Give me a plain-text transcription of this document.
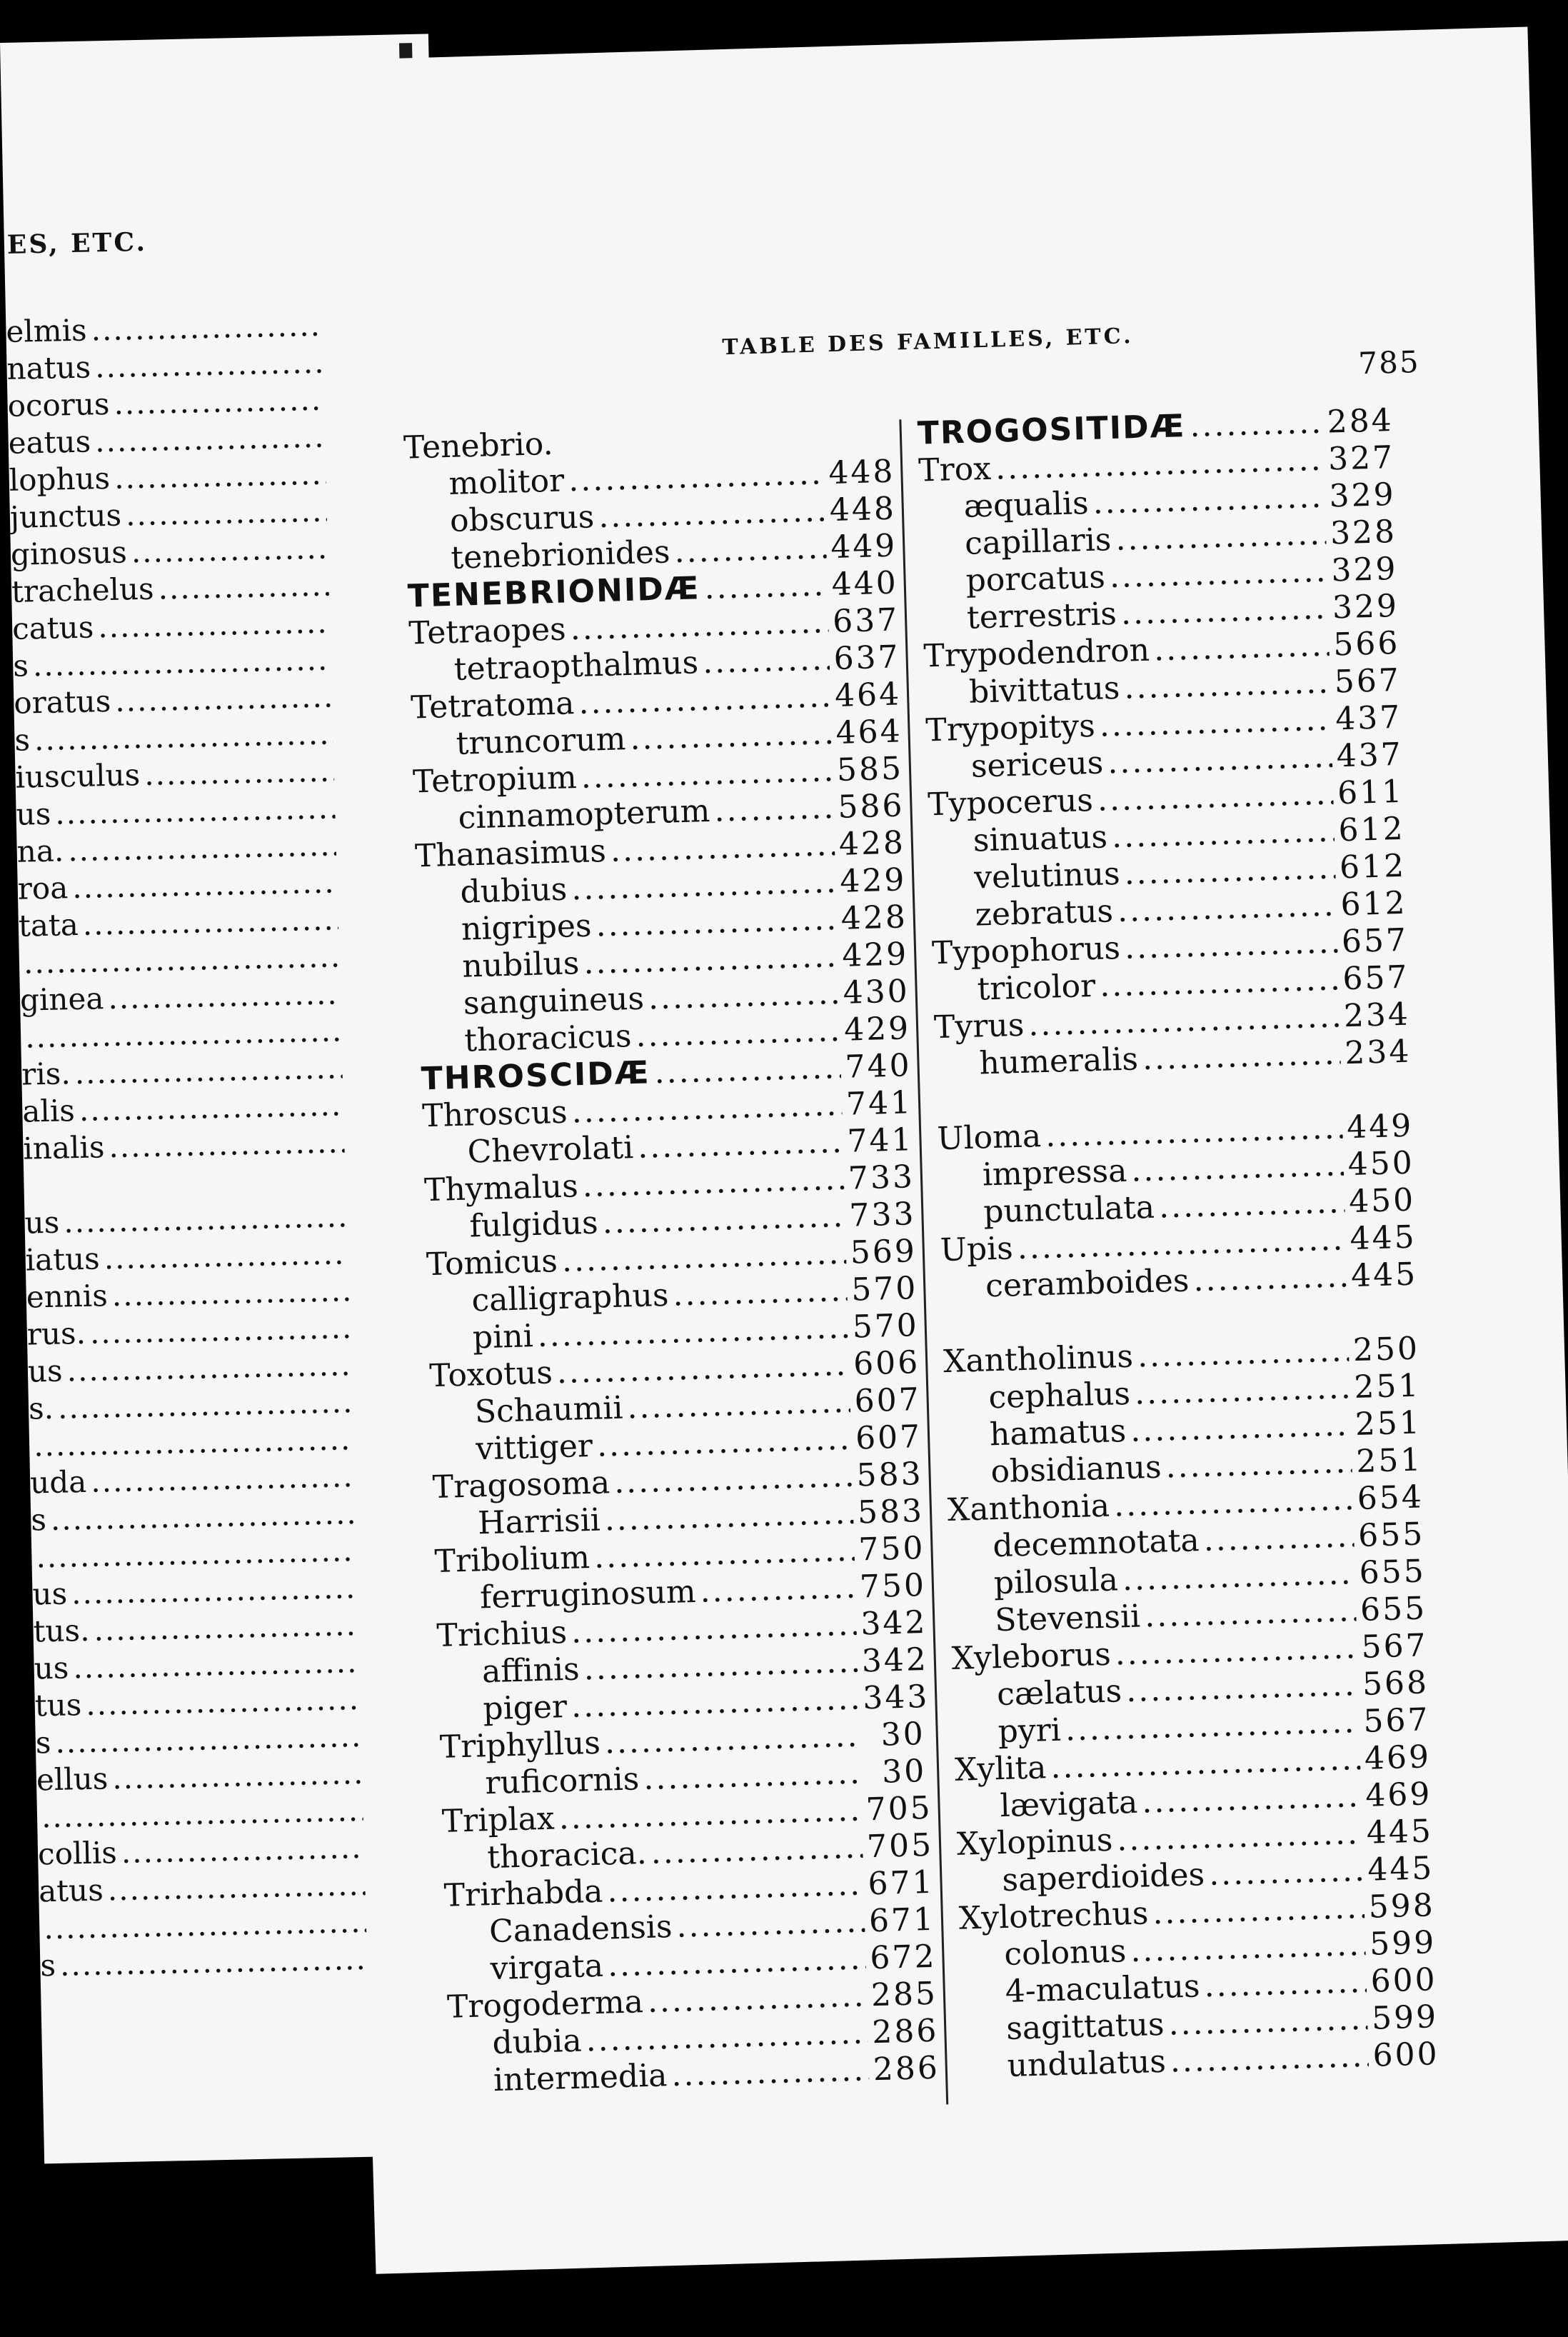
ES, ETC.
elmis
.....
natus
.....
ocorus
.....
eatus
.....
lophus
.....
junctus
.....
ginosus
.....
trachelus
.....
catus
.....
s
.....
oratus
.....
s
.....
iusculus
.....
us
.....
na.
.....
roa
.....
tata
.....
.....
ginea
.....
.....
ris.
.....
alis
.....
inalis
.....
us
.....
iatus
.....
ennis
.....
rus.
.....
us
.....
s.
.....
.....
uda
.....
s
.....
.....
us
.....
tus.
.....
us
.....
tus
.....
s
.....
ellus
.....
.....
collis
.....
atus
.....
.....
s
.....
TABLE DES FAMILLES, ETC.
785
Tenebrio.
molitor .....	448
obscurus .....	448
tenebrionides .....	449
TENEBRIONIDÆ .....	440
Tetraopes .....	637
tetraopthalmus .....	637
Tetratoma .....	464
truncorum .....	464
Tetropium .....	585
cinnamopterum .....	586
Thanasimus .....	428
dubius .....	429
nigripes .....	428
nubilus .....	429
sanguineus .....	430
thoracicus .....	429
THROSCIDÆ .....	740
Throscus .....	741
Chevrolati .....	741
Thymalus .....	733
fulgidus .....	733
Tomicus .....	569
calligraphus .....	570
pini .....	570
Toxotus .....	606
Schaumii .....	607
vittiger .....	607
Tragosoma .....	583
Harrisii .....	583
Tribolium .....	750
ferruginosum .....	750
Trichius .....	342
affinis .....	342
piger .....	343
Triphyllus .....	30
ruficornis .....	30
Triplax .....	705
thoracica. .....	705
Trirhabda .....	671
Canadensis .....	671
virgata .....	672
Trogoderma .....	285
dubia .....	286
intermedia .....	286
TROGOSITIDÆ .....	284
Trox .....	327
æqualis .....	329
capillaris .....	328
porcatus .....	329
terrestris .....	329
Trypodendron .....	566
bivittatus .....	567
Trypopitys .....	437
sericeus .....	437
Typocerus .....	611
sinuatus .....	612
velutinus .....	612
zebratus .....	612
Typophorus .....	657
tricolor .....	657
Tyrus .....	234
humeralis .....	234
Uloma .....	449
impressa .....	450
punctulata .....	450
Upis .....	445
ceramboides .....	445
Xantholinus .....	250
cephalus .....	251
hamatus .....	251
obsidianus .....	251
Xanthonia .....	654
decemnotata .....	655
pilosula .....	655
Stevensii .....	655
Xyleborus .....	567
cælatus .....	568
pyri .....	567
Xylita .....	469
lævigata .....	469
Xylopinus .....	445
saperdioides .....	445
Xylotrechus .....	598
colonus .....	599
4-maculatus .....	600
sagittatus .....	599
undulatus .....	600
